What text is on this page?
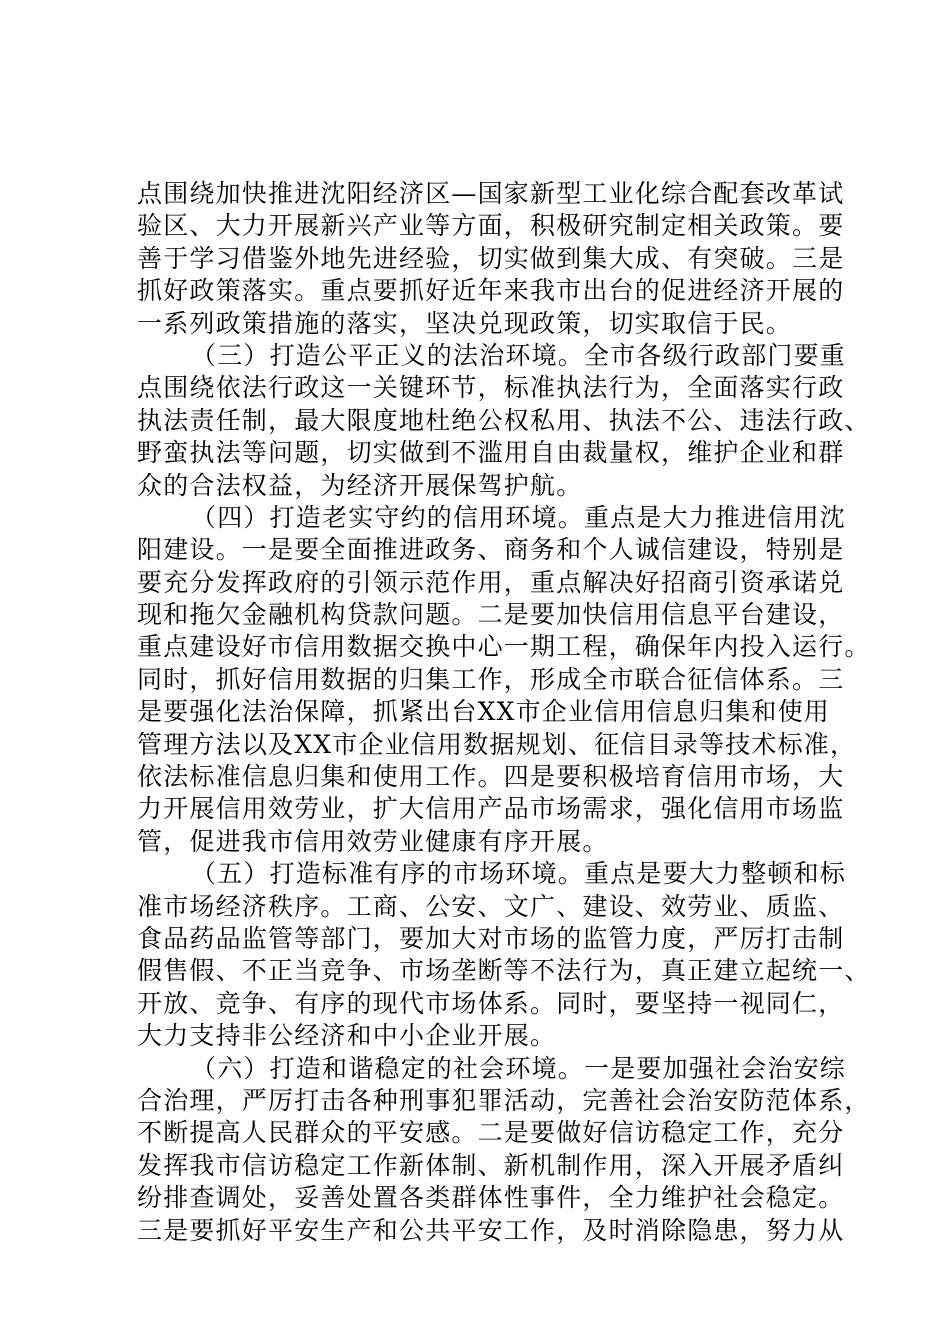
点围绕加快推进沈阳经济区—国家新型工业化综合配套改革试
验区、大力开展新兴产业等方面，积极研究制定相关政策。要
善于学习借鉴外地先进经验，切实做到集大成、有突破。三是
抓好政策落实。重点要抓好近年来我市出台的促进经济开展的
一系列政策措施的落实，坚决兑现政策，切实取信于民。
（三）打造公平正义的法治环境。全市各级行政部门要重
点围绕依法行政这一关键环节，标准执法行为，全面落实行政
执法责任制，最大限度地杜绝公权私用、执法不公、违法行政、
野蛮执法等问题，切实做到不滥用自由裁量权，维护企业和群
众的合法权益，为经济开展保驾护航。
（四）打造老实守约的信用环境。重点是大力推进信用沈
阳建设。一是要全面推进政务、商务和个人诚信建设，特别是
要充分发挥政府的引领示范作用，重点解决好招商引资承诺兑
现和拖欠金融机构贷款问题。二是要加快信用信息平台建设，
重点建设好市信用数据交换中心一期工程，确保年内投入运行。
同时，抓好信用数据的归集工作，形成全市联合征信体系。三
是要强化法治保障，抓紧出台XX市企业信用信息归集和使用
管理方法以及XX市企业信用数据规划、征信目录等技术标准，
依法标准信息归集和使用工作。四是要积极培育信用市场，大
力开展信用效劳业，扩大信用产品市场需求，强化信用市场监
管，促进我市信用效劳业健康有序开展。
（五）打造标准有序的市场环境。重点是要大力整顿和标
准市场经济秩序。工商、公安、文广、建设、效劳业、质监、
食品药品监管等部门，要加大对市场的监管力度，严厉打击制
假售假、不正当竞争、市场垄断等不法行为，真正建立起统一、
开放、竞争、有序的现代市场体系。同时，要坚持一视同仁，
大力支持非公经济和中小企业开展。
（六）打造和谐稳定的社会环境。一是要加强社会治安综
合治理，严厉打击各种刑事犯罪活动，完善社会治安防范体系，
不断提高人民群众的平安感。二是要做好信访稳定工作，充分
发挥我市信访稳定工作新体制、新机制作用，深入开展矛盾纠
纷排查调处，妥善处置各类群体性事件，全力维护社会稳定。
三是要抓好平安生产和公共平安工作，及时消除隐患，努力从
